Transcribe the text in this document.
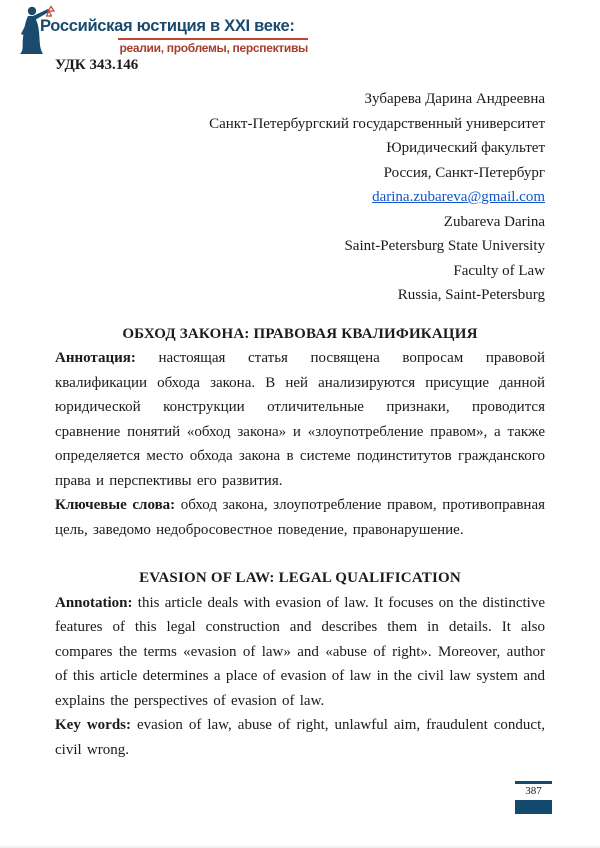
Российская юстиция в XXI веке:
реалии, проблемы, перспективы
УДК 343.146
Зубарева Дарина Андреевна
Санкт-Петербургский государственный университет
Юридический факультет
Россия, Санкт-Петербург
darina.zubareva@gmail.com
Zubareva Darina
Saint-Petersburg State University
Faculty of Law
Russia, Saint-Petersburg
ОБХОД ЗАКОНА: ПРАВОВАЯ КВАЛИФИКАЦИЯ
Аннотация: настоящая статья посвящена вопросам правовой квалификации обхода закона. В ней анализируются присущие данной юридической конструкции отличительные признаки, проводится сравнение понятий «обход закона» и «злоупотребление правом», а также определяется место обхода закона в системе подинститутов гражданского права и перспективы его развития.
Ключевые слова: обход закона, злоупотребление правом, противоправная цель, заведомо недобросовестное поведение, правонарушение.
EVASION OF LAW: LEGAL QUALIFICATION
Annotation: this article deals with evasion of law. It focuses on the distinctive features of this legal construction and describes them in details. It also compares the terms «evasion of law» and «abuse of right». Moreover, author of this article determines a place of evasion of law in the civil law system and explains the perspectives of evasion of law.
Key words: evasion of law, abuse of right, unlawful aim, fraudulent conduct, civil wrong.
387
